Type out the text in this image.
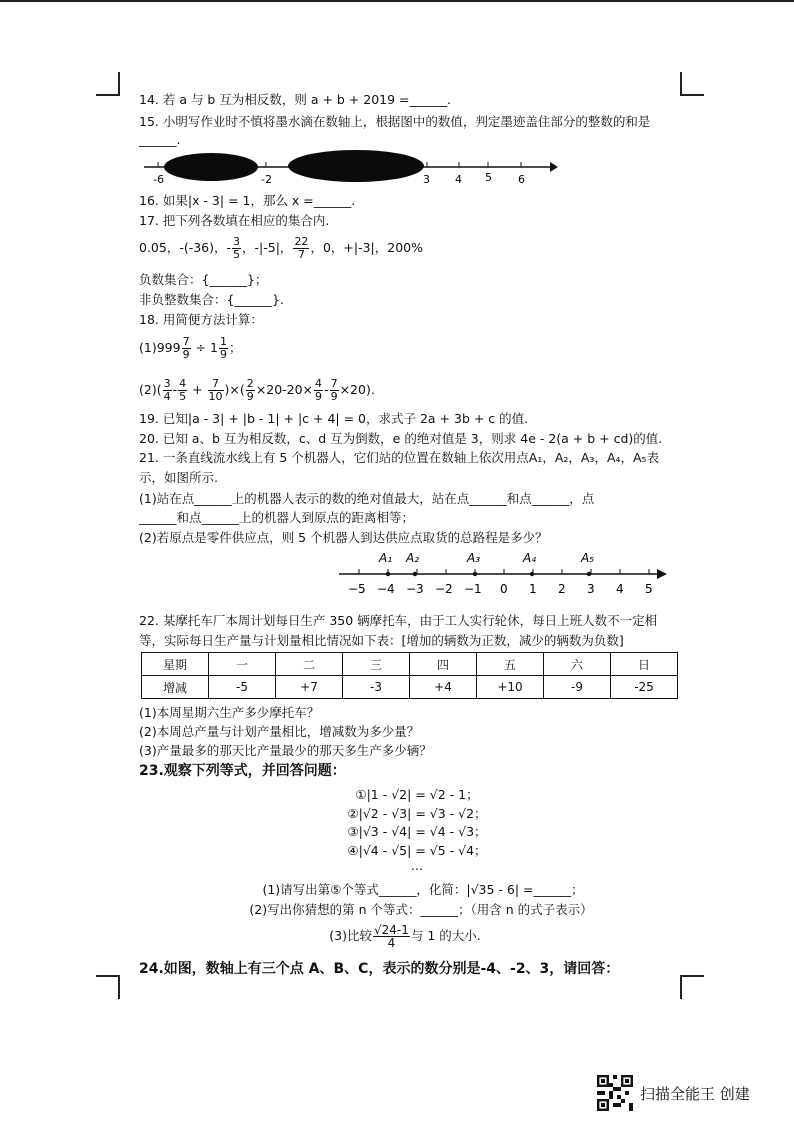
14. 若 a 与 b 互为相反数，则 a + b + 2019 =______.
15. 小明写作业时不慎将墨水滴在数轴上，根据图中的数值，判定墨迹盖住部分的整数的和是
______.
-6	-2	3 4 5 6
16. 如果|x - 3| = 1，那么 x =______.
17. 把下列各数填在相应的集合内.
0.05，-(-36)，- $\frac{3}{5}$ ，-|-5|， $\frac{22}{7}$ ，0，+|-3|，200%
负数集合：{______}；
非负整数集合：{______}.
18. 用简便方法计算：
$(1)999 \frac{7}{9} \div 1 \frac{1}{9}$ ；
$(2)( \frac{3}{4} - \frac{4}{5} + \frac{7}{10}$ )×( $\frac{2}{9} \times 20-20\times \frac{4}{9} - \frac{7}{9} \times 20$).
19. 已知|a - 3| + |b - 1| + |c + 4| = 0，求式子 2a + 3b + c 的值.
20. 已知 a、b 互为相反数，c、d 互为倒数，e 的绝对值是 3，则求 4e - 2(a + b + cd)的值.
21. 一条直线流水线上有 5 个机器人，它们站的位置在数轴上依次用点A₁，A₂，A₃，A₄，A₅表
示，如图所示.
(1)站在点______上的机器人表示的数的绝对值最大，站在点______和点______，点
______和点______上的机器人到原点的距离相等；
(2)若原点是零件供应点，则 5 个机器人到达供应点取货的总路程是多少？
A₁ A₂	A₃	A₄	A₅
−5 −4 −3 −2 −1 0 1 2 3 4 5
22. 某摩托车厂本周计划每日生产 350 辆摩托车，由于工人实行轮休，每日上班人数不一定相
等，实际每日生产量与计划量相比情况如下表：[增加的辆数为正数，减少的辆数为负数]
星期	一	二	三	四	五	六	日
增减	-5	+7	-3	+4	+10	-9	-25
(1)本周星期六生产多少摩托车？
(2)本周总产量与计划产量相比，增减数为多少量？
(3)产量最多的那天比产量最少的那天多生产多少辆？
23.观察下列等式，并回答问题：
①|1 - √2| = √2 - 1；
②|√2 - √3| = √3 - √2；
③|√3 - √4| = √4 - √3；
④|√4 - √5| = √5 - √4；
…
(1)请写出第⑤个等式______，化简：|√35 - 6| =______；
(2)写出你猜想的第 n 个等式：______；（用含 n 的式子表示）
(3)比较 $\frac{√24-1}{4}$ 与 1 的大小.
24.如图，数轴上有三个点 A、B、C，表示的数分别是-4、-2、3，请回答：
扫描全能王 创建
